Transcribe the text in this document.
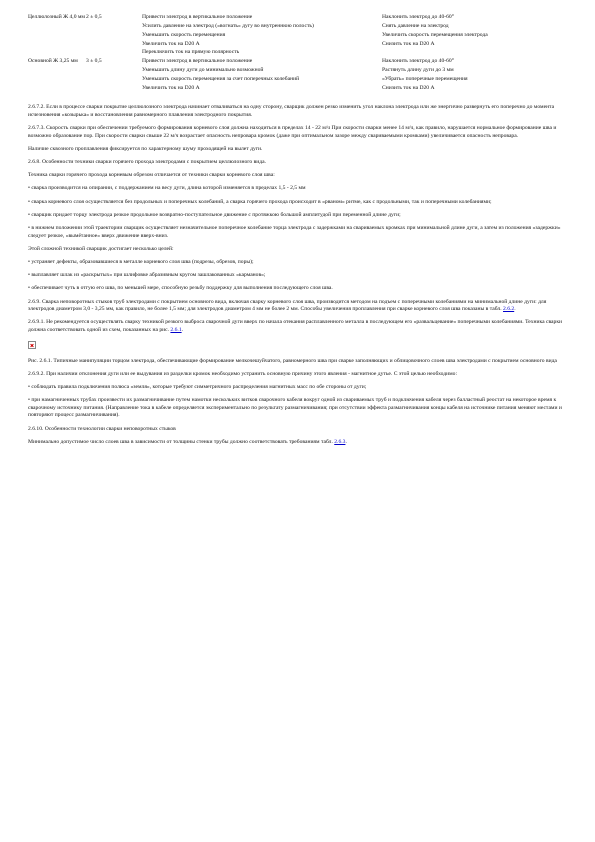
Целлюлозный Ж 4,0 мм	2 ± 0,5	Привести электрод в вертикальное положение	Наклонить электрод до 40-60°
		Усилить давление на электрод («вогнать» дугу во внутреннюю полость)	Снять давление на электрод
		Уменьшить скорость перемещения	Увеличить скорость перемещения электрода
		Увеличить ток на D20 А	Снизить ток на D20 А
		Переключить ток на прямую полярность	
Основной Ж 3,25 мм	3 ± 0,5	Привести электрод в вертикальное положение	Наклонить электрод до 40-60°
		Уменьшить длину дуги до минимально возможной	Растянуть длину дуги до 3 мм
		Уменьшить скорость перемещения за счет поперечных колебаний	«Убрать» поперечные перемещения
		Увеличить ток на D20 А	Снизить ток на D20 А

2.6.7.2. Если в процессе сварки покрытие целлюлозного электрода начинает отваливаться на одну сторону, сварщик должен резко изменить угол наклона электрода или же энергично развернуть его поперечно до момента исчезновения «козырька» и восстановления равномерного плавления электродного покрытия.

2.6.7.3. Скорость сварки при обеспечении требуемого формирования корневого слоя должна находиться в пределах 14 - 22 м/ч При скорости сварки менее 14 м/ч, как правило, нарушается нормальное формирование шва и возможно образование пор. При скорости сварки свыше 22 м/ч возрастает опасность непровара кромок (даже при оптимальном зазоре между свариваемыми кромками) увеличивается опасность непровара.

Наличие сквозного проплавления фиксируется по характерному шуму проходящей на вылет дуги.

2.6.8. Особенности техники сварки горячего прохода электродами с покрытием целлюлозного вида.

Техника сварки горячего прохода корневым обрезом отличается от техники сварки корневого слоя шва:

• сварка производится на опирании, с поддержанием на весу дуги, длина которой изменяется в пределах 1,5 - 2,5 мм

• сварка корневого слоя осуществляется без продольных и поперечных колебаний, а сварка горячего прохода происходит в «рваном» ритме, как с продольными, так и поперечными колебаниями;

• сварщик придает торцу электрода резкое продольное возвратно-поступательное движение с протяжкою большой амплитудой при переменной длине дуги;

• в нижнем положении этой траектории сварщик осуществляет незначительное поперечное колебание торца электрода с задержками на свариваемых кромках при минимальной длине дуги, а затем из положения «задержки» следует резкое, «вымётанное» вверх движение вверх-вниз.

Этой сложной техникой сварщик достигает несколько целей:

• устраняет дефекты, образовавшиеся в металле корневого слоя шва (подрезы, обрезов, поры);

• выплавляет шлак из «раскрытых» при шлифовке абразивным кругом зашлакованных «карманов»;

• обеспечивает чуть в отгую его шва, по меньшей мере, способную резьбу поддержку для выполнения последующего слоя шва.

2.6.9. Сварка неповоротных стыков труб электродами с покрытием основного вида, включая сварку корневого слоя шва, производится методом на подъем с поперечными колебаниями на минимальной длине дуги: для электродов диаметром 3,0 - 3,25 мм, как правило, не более 1,5 мм; для электродов диаметром 4 мм не более 2 мм. Способы увеличения проплавления при сварке корневого слоя шва показаны в табл. 2.6.2.

2.6.9.1. Не рекомендуется осуществлять сварку техникой резкого выброса сварочной дуги вверх по начала отекания расплавленного металла в последующем его «развальцевание» поперечными колебаниями. Техника сварки должна соответствовать одной из схем, показанных на рис. 2.6.1.

Рис. 2.6.1. Типичные манипуляции торцом электрода, обеспечивающие формирование мелкочешуйчатого, равномерного шва при сварке заполняющих и облицовочного слоев шва электродами с покрытием основного вида

2.6.9.2. При наличии отклонения дуги или ее выдувания из разделки кромок необходимо устранить основную причину этого явления - магнитное дутье. С этой целью необходимо:

• соблюдать правила подключения полюса «земля», которые требуют симметричного распределения магнитных масс по обе стороны от дуги;

• при намагниченных трубах произвести их размагничивание путем намотки нескольких витков сварочного кабеля вокруг одной из свариваемых труб и подключения кабеля через балластный реостат на некоторое время к сварочному источнику питания. (Направление тока в кабеле определяется экспериментально по результату размагничивания; при отсутствии эффекта размагничивания концы кабеля на источнике питания меняют местами и повторяют процесс размагничивания).

2.6.10. Особенности технологии сварки неповоротных стыков

Минимально допустимое число слоев шва в зависимости от толщины стенки трубы должно соответствовать требованиям табл. 2.6.3.
